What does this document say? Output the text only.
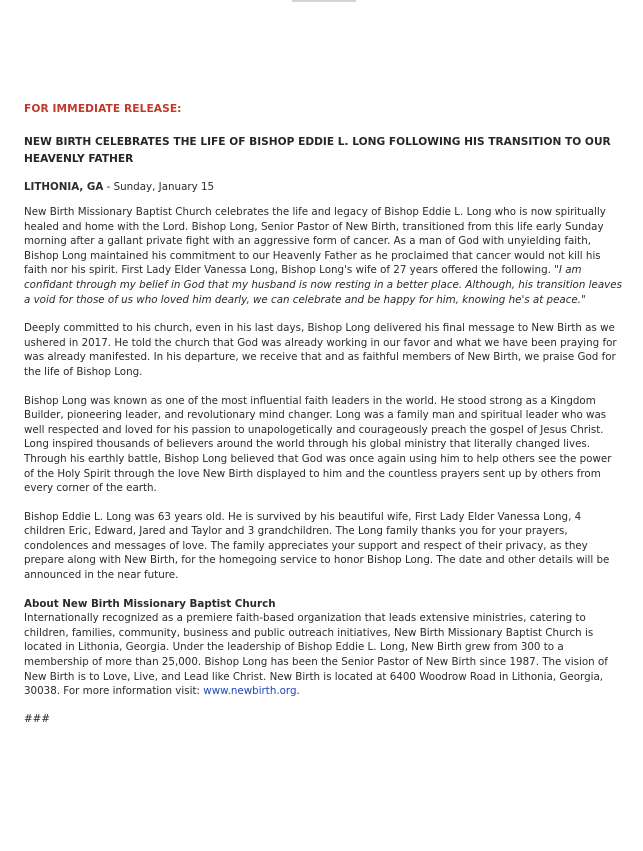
FOR IMMEDIATE RELEASE:
NEW BIRTH CELEBRATES THE LIFE OF BISHOP EDDIE L. LONG FOLLOWING HIS TRANSITION TO OUR HEAVENLY FATHER
LITHONIA, GA - Sunday, January 15

New Birth Missionary Baptist Church celebrates the life and legacy of Bishop Eddie L. Long who is now spiritually healed and home with the Lord. Bishop Long, Senior Pastor of New Birth, transitioned from this life early Sunday morning after a gallant private fight with an aggressive form of cancer. As a man of God with unyielding faith, Bishop Long maintained his commitment to our Heavenly Father as he proclaimed that cancer would not kill his faith nor his spirit. First Lady Elder Vanessa Long, Bishop Long's wife of 27 years offered the following. "I am confidant through my belief in God that my husband is now resting in a better place. Although, his transition leaves a void for those of us who loved him dearly, we can celebrate and be happy for him, knowing he's at peace."

Deeply committed to his church, even in his last days, Bishop Long delivered his final message to New Birth as we ushered in 2017. He told the church that God was already working in our favor and what we have been praying for was already manifested. In his departure, we receive that and as faithful members of New Birth, we praise God for the life of Bishop Long.

Bishop Long was known as one of the most influential faith leaders in the world. He stood strong as a Kingdom Builder, pioneering leader, and revolutionary mind changer. Long was a family man and spiritual leader who was well respected and loved for his passion to unapologetically and courageously preach the gospel of Jesus Christ. Long inspired thousands of believers around the world through his global ministry that literally changed lives. Through his earthly battle, Bishop Long believed that God was once again using him to help others see the power of the Holy Spirit through the love New Birth displayed to him and the countless prayers sent up by others from every corner of the earth.

Bishop Eddie L. Long was 63 years old. He is survived by his beautiful wife, First Lady Elder Vanessa Long, 4 children Eric, Edward, Jared and Taylor and 3 grandchildren. The Long family thanks you for your prayers, condolences and messages of love. The family appreciates your support and respect of their privacy, as they prepare along with New Birth, for the homegoing service to honor Bishop Long. The date and other details will be announced in the near future.

About New Birth Missionary Baptist Church

Internationally recognized as a premiere faith-based organization that leads extensive ministries, catering to children, families, community, business and public outreach initiatives, New Birth Missionary Baptist Church is located in Lithonia, Georgia. Under the leadership of Bishop Eddie L. Long, New Birth grew from 300 to a membership of more than 25,000. Bishop Long has been the Senior Pastor of New Birth since 1987. The vision of New Birth is to Love, Live, and Lead like Christ. New Birth is located at 6400 Woodrow Road in Lithonia, Georgia, 30038. For more information visit: www.newbirth.org.

###
